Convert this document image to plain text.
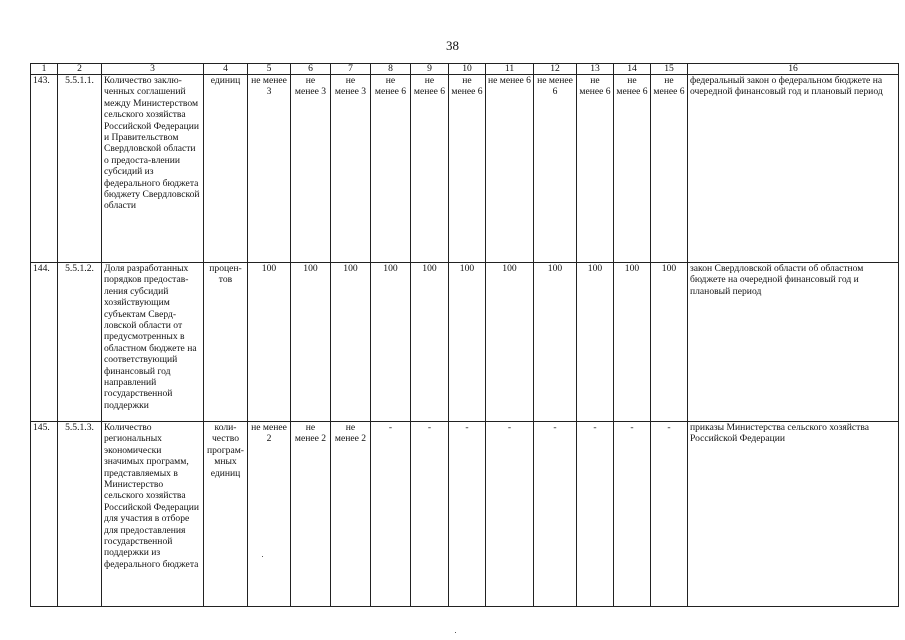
38
1	2	3	4	5	6	7	8	9	10	11	12	13	14	15	16
143.	5.5.1.1.	Количество заклю-ченных соглашений между Министерством сельского хозяйства Российской Федерации и Правительством Свердловской области о предоста-влении субсидий из федерального бюджета бюджету Свердловской области	единиц	не менее 3	не менее 3	не менее 3	не менее 6	не менее 6	не менее 6	не менее 6	не менее 6	не менее 6	не менее 6	не менее 6	федеральный закон о федеральном бюджете на очередной финансовый год и плановый период
144.	5.5.1.2.	Доля разработанных порядков предостав-ления субсидий хозяйствующим субъектам Сверд-ловской области от предусмотренных в областном бюджете на соответствующий финансовый год направлений государственной поддержки	процен-тов	100	100	100	100	100	100	100	100	100	100	100	закон Свердловской области об областном бюджете на очередной финансовый год и плановый период
145.	5.5.1.3.	Количество региональных экономически значимых программ, представляемых в Министерство сельского хозяйства Российской Федерации для участия в отборе для предоставления государственной поддержки из федерального бюджета	коли-чество програм-мных единиц	не менее 2	не менее 2	не менее 2	-	-	-	-	-	-	-	-	приказы Министерства сельского хозяйства Российской Федерации
